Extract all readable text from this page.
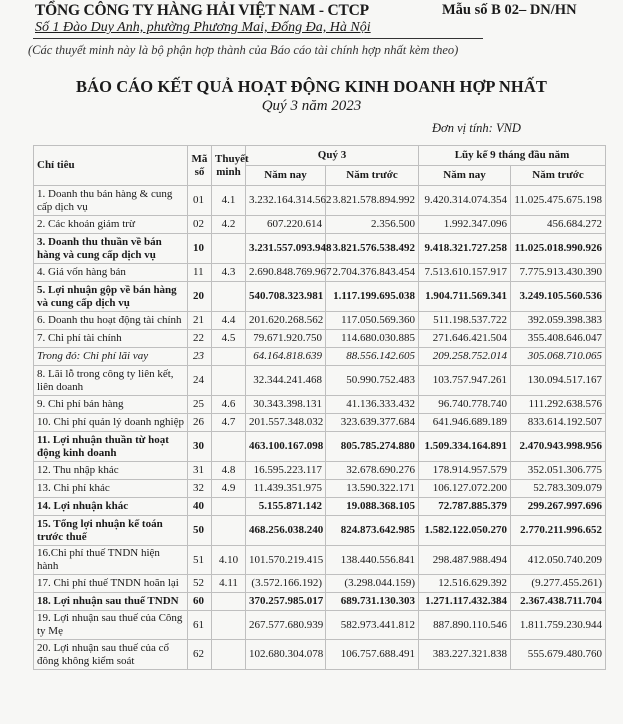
TỔNG CÔNG TY HÀNG HẢI VIỆT NAM - CTCP	Mẫu số B 02– DN/HN
Số 1 Đào Duy Anh, phường Phương Mai, Đống Đa, Hà Nội
(Các thuyết minh này là bộ phận hợp thành của Báo cáo tài chính hợp nhất kèm theo)
BÁO CÁO KẾT QUẢ HOẠT ĐỘNG KINH DOANH HỢP NHẤT
Quý 3 năm 2023
Đơn vị tính: VND
Chỉ tiêu	Mã số	Thuyết minh	Quý 3		Lũy kế 9 tháng đầu năm	
			Năm nay	Năm trước	Năm nay	Năm trước
1. Doanh thu bán hàng & cung cấp dịch vụ	01	4.1	3.232.164.314.562	3.821.578.894.992	9.420.314.074.354	11.025.475.675.198
2. Các khoản giảm trừ	02	4.2	607.220.614	2.356.500	1.992.347.096	456.684.272
3. Doanh thu thuần về bán hàng và cung cấp dịch vụ	10		3.231.557.093.948	3.821.576.538.492	9.418.321.727.258	11.025.018.990.926
4. Giá vốn hàng bán	11	4.3	2.690.848.769.967	2.704.376.843.454	7.513.610.157.917	7.775.913.430.390
5. Lợi nhuận gộp về bán hàng và cung cấp dịch vụ	20		540.708.323.981	1.117.199.695.038	1.904.711.569.341	3.249.105.560.536
6. Doanh thu hoạt động tài chính	21	4.4	201.620.268.562	117.050.569.360	511.198.537.722	392.059.398.383
7. Chi phí tài chính	22	4.5	79.671.920.750	114.680.030.885	271.646.421.504	355.408.646.047
Trong đó: Chi phí lãi vay	23		64.164.818.639	88.556.142.605	209.258.752.014	305.068.710.065
8. Lãi lỗ trong công ty liên kết, liên doanh	24		32.344.241.468	50.990.752.483	103.757.947.261	130.094.517.167
9. Chi phí bán hàng	25	4.6	30.343.398.131	41.136.333.432	96.740.778.740	111.292.638.576
10. Chi phí quản lý doanh nghiệp	26	4.7	201.557.348.032	323.639.377.684	641.946.689.189	833.614.192.507
11. Lợi nhuận thuần từ hoạt động kinh doanh	30		463.100.167.098	805.785.274.880	1.509.334.164.891	2.470.943.998.956
12. Thu nhập khác	31	4.8	16.595.223.117	32.678.690.276	178.914.957.579	352.051.306.775
13. Chi phí khác	32	4.9	11.439.351.975	13.590.322.171	106.127.072.200	52.783.309.079
14. Lợi nhuận khác	40		5.155.871.142	19.088.368.105	72.787.885.379	299.267.997.696
15. Tổng lợi nhuận kế toán trước thuế	50		468.256.038.240	824.873.642.985	1.582.122.050.270	2.770.211.996.652
16.Chi phí thuế TNDN hiện hành	51	4.10	101.570.219.415	138.440.556.841	298.487.988.494	412.050.740.209
17. Chi phí thuế TNDN hoãn lại	52	4.11	(3.572.166.192)	(3.298.044.159)	12.516.629.392	(9.277.455.261)
18. Lợi nhuận sau thuế TNDN	60		370.257.985.017	689.731.130.303	1.271.117.432.384	2.367.438.711.704
19. Lợi nhuận sau thuế của Công ty Mẹ	61		267.577.680.939	582.973.441.812	887.890.110.546	1.811.759.230.944
20. Lợi nhuận sau thuế của cổ đông không kiểm soát	62		102.680.304.078	106.757.688.491	383.227.321.838	555.679.480.760
